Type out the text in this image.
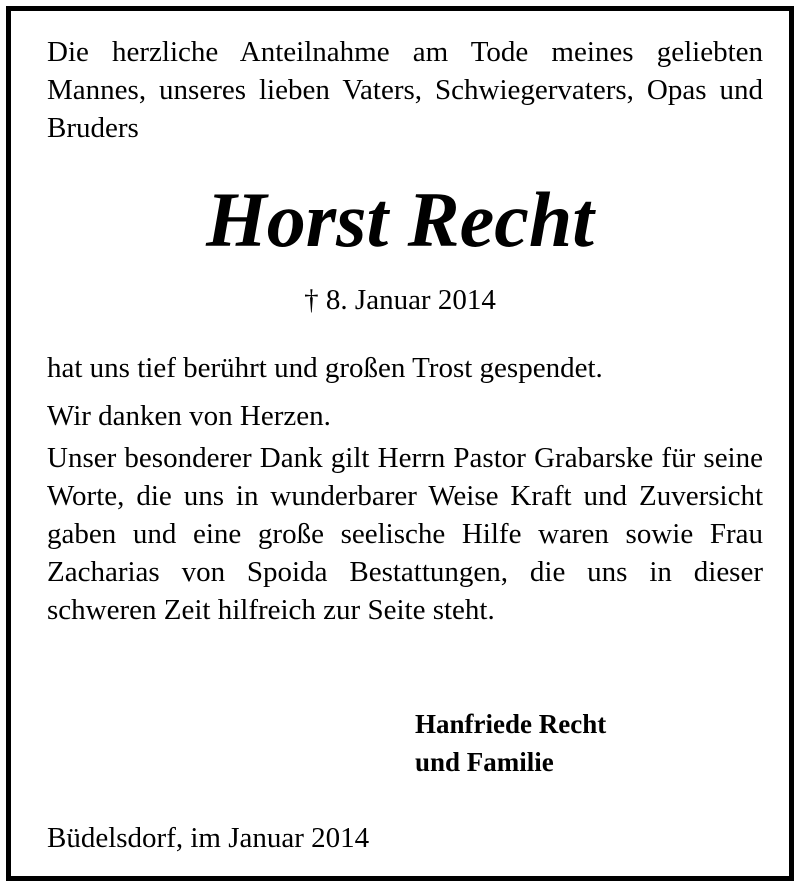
Die herzliche Anteilnahme am Tode meines geliebten Mannes, unseres lieben Vaters, Schwiegervaters, Opas und Bruders

Horst Recht

† 8. Januar 2014

hat uns tief berührt und großen Trost gespendet.

Wir danken von Herzen.

Unser besonderer Dank gilt Herrn Pastor Grabarske für seine Worte, die uns in wunderbarer Weise Kraft und Zuversicht gaben und eine große seelische Hilfe waren sowie Frau Zacharias von Spoida Bestattungen, die uns in dieser schweren Zeit hilfreich zur Seite steht.

Hanfriede Recht
und Familie

Büdelsdorf, im Januar 2014
